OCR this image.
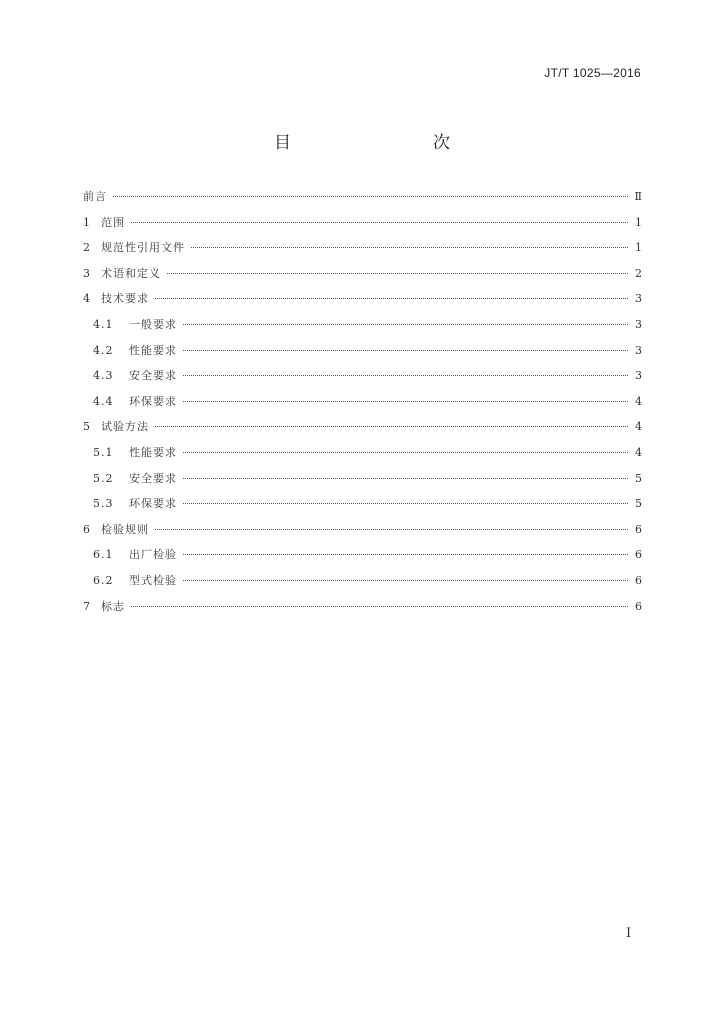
JT/T 1025—2016
目　　次
前言	Ⅱ
1	范围	1
2	规范性引用文件	1
3	术语和定义	2
4	技术要求	3
4.1	一般要求	3
4.2	性能要求	3
4.3	安全要求	3
4.4	环保要求	4
5	试验方法	4
5.1	性能要求	4
5.2	安全要求	5
5.3	环保要求	5
6	检验规则	6
6.1	出厂检验	6
6.2	型式检验	6
7	标志	6
Ⅰ
